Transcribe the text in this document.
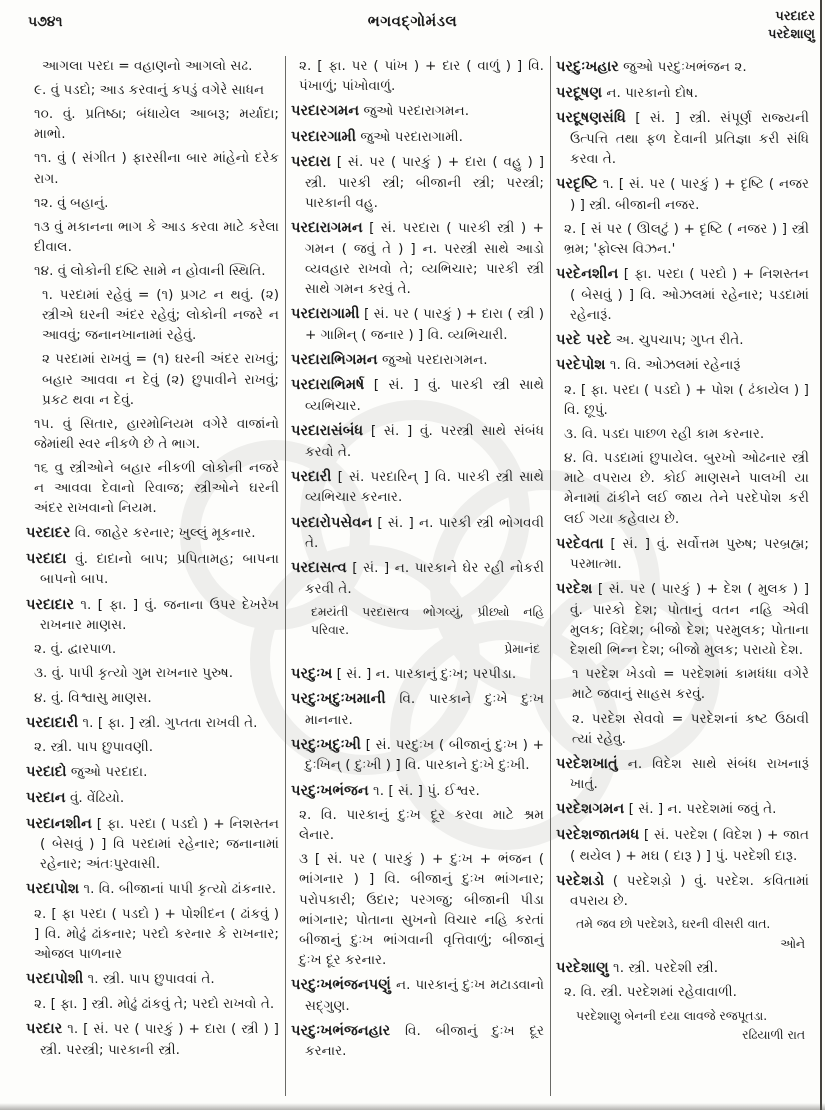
૫૭૪૧	ભગવદ્ગોમંડલ	પરદાદર
પરદેશાણુ
આગલા પરદા = વહાણનો આગલો સઢ.
૯. વું પડદો; આડ કરવાનું કપડું વગેરે સાધન
૧૦. વું. પ્રતિષ્ઠા; બંધાયેલ આબરૂ; મર્યાદા; માભો.
૧૧. વું ( સંગીત ) ફારસીના બાર માંહેનો દરેક રાગ.
૧૨. વું બહાનું.
૧૩ વું મકાનના ભાગ કે આડ કરવા માટે કરેલા દીવાલ.
૧૪. વું લોકોની દષ્ટિ સામે ન હોવાની સ્થિતિ.
૧. પરદામાં રહેવું = (૧) પ્રગટ ન થવું. (૨) સ્ત્રીએ ઘરની અંદર રહેવું; લોકોની નજરે ન આવવું; જનાનખાનામાં રહેવું.
૨ પરદામાં રાખવું = (૧) ઘરની અંદર રાખવું; બહાર આવવા ન દેવું (૨) છુપાવીને રાખવું; પ્રકટ થવા ન દેવું.
૧૫. વું સિતાર, હારમોનિયમ વગેરે વાજાંનો જેમાંથી સ્વર નીકળે છે તે ભાગ.
૧૬ વુ સ્ત્રીઓને બહાર નીકળી લોકોની નજરે ન આવવા દેવાનો રિવાજ; સ્ત્રીઓને ઘરની અંદર રાખવાનો નિયમ.
પરદાદર વિ. જાહેર કરનાર; ખુલ્લું મૂકનાર.
પરદાદા વું. દાદાનો બાપ; પ્રપિતામહ; બાપના બાપનો બાપ.
પરદાદાર ૧. [ ફા. ] વું. જનાના ઉપર દેખરેખ રાખનાર માણસ.
૨. વું. દ્વારપાળ.
૩. વું. પાપી કૃત્યો ગુમ રાખનાર પુરુષ.
૪. વું. વિશ્વાસુ માણસ.
પરદાદારી ૧. [ ફા. ] સ્ત્રી. ગુપ્તતા રાખવી તે.
૨. સ્ત્રી. પાપ છુપાવણી.
પરદાદો જુઓ પરદાદા.
પરદાન વું. વેંઢિયો.
પરદાનશીન [ ફા. પરદા ( પડદો ) + નિશસ્તન ( બેસવું ) ] વિ પરદામાં રહેનાર; જનાનામાં રહેનાર; અંતઃપુરવાસી.
પરદાપોશ ૧. વિ. બીજાનાં પાપી કૃત્યો ઢાંકનાર.
૨. [ ફા પરદા ( પડદો ) + પોશીદન ( ઢાંકવું ) ] વિ. મોઢું ઢાંકનાર; પરદો કરનાર કે રાખનાર; ઓજલ પાળનાર
પરદાપોશી ૧. સ્ત્રી. પાપ છુપાવવાં તે.
૨. [ ફા. ] સ્ત્રી. મોઢું ઢાંકવું તે; પરદો રાખવો તે.
પરદાર ૧. [ સં. પર ( પારકું ) + દારા ( સ્ત્રી ) ] સ્ત્રી. પરસ્ત્રી; પારકાની સ્ત્રી.
૨. [ ફા. પર ( પાંખ ) + દાર ( વાળું ) ] વિ. પંખાળું; પાંખોવાળું.
પરદારગમન જુઓ પરદારાગમન.
પરદારગામી જુઓ પરદારાગામી.
પરદારા [ સં. પર ( પારકું ) + દારા ( વહુ ) ] સ્ત્રી. પારકી સ્ત્રી; બીજાની સ્ત્રી; પરસ્ત્રી; પારકાની વહુ.
પરદારાગમન [ સં. પરદારા ( પારકી સ્ત્રી ) + ગમન ( જવું તે ) ] ન. પરસ્ત્રી સાથે આડો વ્યવહાર રાખવો તે; વ્યભિચાર; પારકી સ્ત્રી સાથે ગમન કરવું તે.
પરદારાગામી [ સં. પર ( પારકું ) + દારા ( સ્ત્રી ) + ગામિન્ ( જનાર ) ] વિ. વ્યભિચારી.
પરદારાભિગમન જુઓ પરદારાગમન.
પરદારાભિમર્ષ [ સં. ] વું. પારકી સ્ત્રી સાથે વ્યભિચાર.
પરદારાસંબંધ [ સં. ] વું. પરસ્ત્રી સાથે સંબંધ કરવો તે.
પરદારી [ સં. પરદારિન્ ] વિ. પારકી સ્ત્રી સાથે વ્યભિચાર કરનાર.
પરદારોપસેવન [ સં. ] ન. પારકી સ્ત્રી ભોગવવી તે.
પરદાસત્વ [ સં. ] ન. પારકાને ઘેર રહી નોકરી કરવી તે.
દમયંતી પરદાસત્વ ભોગવ્યું, પ્રીછ્યો નહિ પરિવાર.
પ્રેમાનંદ
પરદુઃખ [ સં. ] ન. પારકાનું દુઃખ; પરપીડા.
પરદુઃખદુઃખમાની વિ. પારકાને દુઃખે દુઃખ માનનાર.
પરદુઃખદુઃખી [ સં. પરદુઃખ ( બીજાનું દુઃખ ) + દુઃખિન્ ( દુઃખી ) ] વિ. પારકાને દુઃખે દુઃખી.
પરદુઃખભંજન ૧. [ સં. ] પું. ઈશ્વર.
૨. વિ. પારકાનું દુઃખ દૂર કરવા માટે શ્રમ લેનાર.
૩ [ સં. પર ( પારકું ) + દુઃખ + ભંજન ( ભાંગનાર ) ] વિ. બીજાનું દુઃખ ભાંગનાર; પરોપકારી; ઉદાર; પરગજુ; બીજાની પીડા ભાંગનાર; પોતાના સુખનો વિચાર નહિ કરતાં બીજાનું દુઃખ ભાંગવાની વૃત્તિવાળું; બીજાનું દુઃખ દૂર કરનાર.
પરદુઃખભંજનપણું ન. પારકાનું દુઃખ મટાડવાનો સદ્ગુણ.
પરદુઃખભંજનહાર વિ. બીજાનું દુઃખ દૂર કરનાર.
પરદુઃખહાર જુઓ પરદુઃખભંજન ૨.
પરદૂષણ ન. પારકાનો દોષ.
પરદૂષણસંધિ [ સં. ] સ્ત્રી. સંપૂર્ણ રાજ્યની ઉત્પત્તિ તથા ફળ દેવાની પ્રતિજ્ઞા કરી સંધિ કરવા તે.
પરદૃષ્ટિ ૧. [ સં. પર ( પારકું ) + દૃષ્ટિ ( નજર ) ] સ્ત્રી. બીજાની નજર.
૨. [ સં પર ( ઊલટું ) + દૃષ્ટિ ( નજર ) ] સ્ત્રી ભ્રમ; 'ફોલ્સ વિઝન.'
પરદેનશીન [ ફા. પરદા ( પરદો ) + નિશસ્તન ( બેસવું ) ] વિ. ઓઝલમાં રહેનાર; પડદામાં રહેનારૂં.
પરદે પરદે અ. ચુપચાપ; ગુપ્ત રીતે.
પરદેપોશ ૧. વિ. ઓઝલમાં રહેનારૂં
૨. [ ફા. પરદા ( પડદો ) + પોશ ( ઢંકાયેલ ) ] વિ. છૂપું.
૩. વિ. પડદા પાછળ રહી કામ કરનાર.
૪. વિ. પડદામાં છુપાયેલ. બુરખો ઓઢનાર સ્ત્રી માટે વપરાય છે. કોઈ માણસને પાલખી યા મેનામાં ઢાંકીને લઈ જાય તેને પરદેપોશ કરી લઈ ગયા કહેવાય છે.
પરદેવતા [ સં. ] વું. સર્વોત્તમ પુરુષ; પરબ્રહ્મ; પરમાત્મા.
પરદેશ [ સં. પર ( પારકું ) + દેશ ( મુલક ) ] વું. પારકો દેશ; પોતાનું વતન નહિ એવી મુલક; વિદેશ; બીજો દેશ; પરમુલક; પોતાના દેશથી ભિન્ન દેશ; બીજો મુલક; પરાયો દેશ.
૧ પરદેશ ખેડવો = પરદેશમાં કામધંધા વગેરે માટે જવાનું સાહસ કરવું.
૨. પરદેશ સેવવો = પરદેશનાં કષ્ટ ઉઠાવી ત્યાં રહેવુ.
પરદેશખાતું ન. વિદેશ સાથે સંબંધ રાખનારૂં ખાતું.
પરદેશગમન [ સં. ] ન. પરદેશમાં જવું તે.
પરદેશજાતમધ [ સં. પરદેશ ( વિદેશ ) + જાત ( થયેલ ) + મઘ ( દારૂ ) ] પું. પરદેશી દારૂ.
પરદેશડો ( પરદેશડ઼ો ) વું. પરદેશ. કવિતામાં વપરાય છે.
તમે જવ છો પરદેશડે, ઘરની વીસરી વાત.
ઓને
પરદેશાણુ ૧. સ્ત્રી. પરદેશી સ્ત્રી.
૨. વિ. સ્ત્રી. પરદેશમાં રહેવાવાળી.
પરદેશાણુ બેનની દયા લાવજે રજપૂતડા.
રઢિયાળી રાત
